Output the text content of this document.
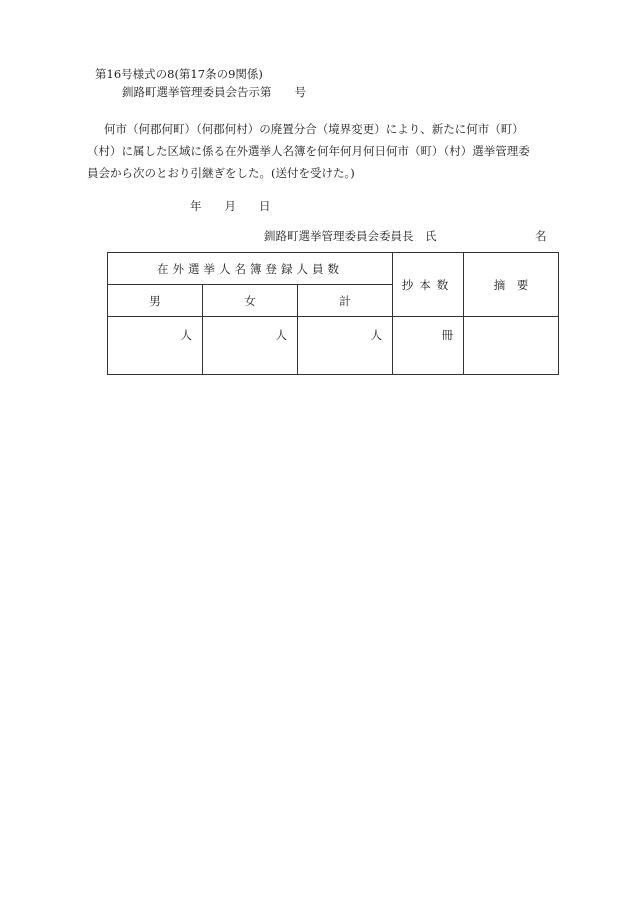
第16号様式の8(第17条の9関係)
釧路町選挙管理委員会告示第　　号
何市（何郡何町）（何郡何村）の廃置分合（境界変更）により、新たに何市（町）
（村）に属した区域に係る在外選挙人名簿を何年何月何日何市（町）（村）選挙管理委
員会から次のとおり引継ぎをした。(送付を受けた。)
年　　月　　日
釧路町選挙管理委員会委員長　氏	名
在外選挙人名簿登録人員数			抄本数	摘　要
男	女	計		
人	人	人	冊	
